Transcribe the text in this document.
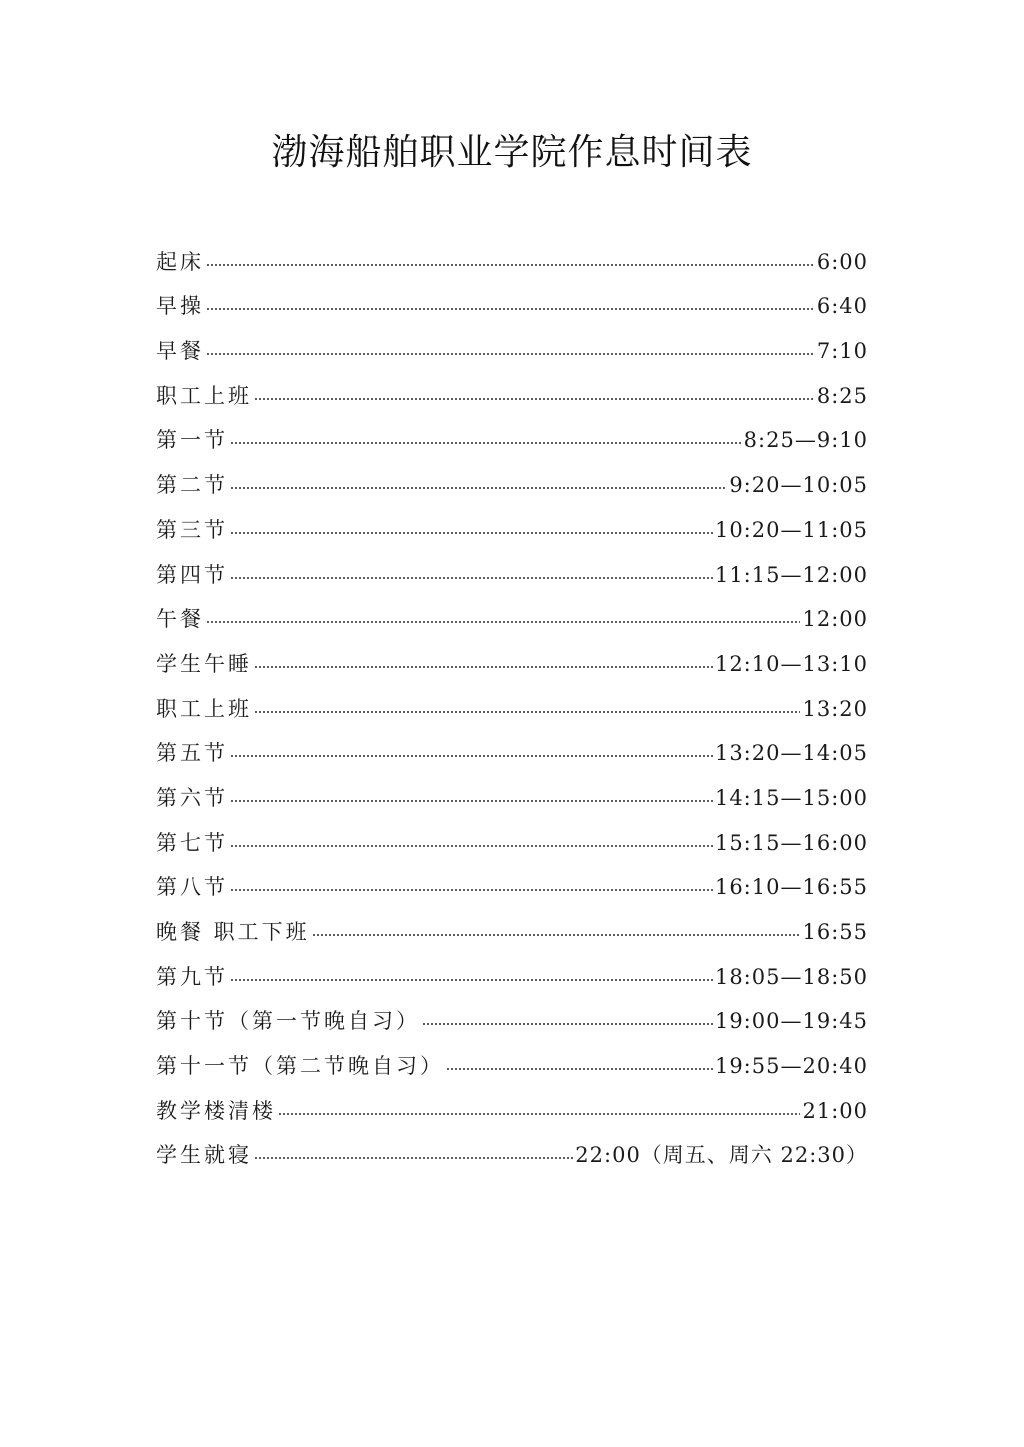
渤海船舶职业学院作息时间表
起床	6:00
早操	6:40
早餐	7:10
职工上班	8:25
第一节	8:25—9:10
第二节	9:20—10:05
第三节	10:20—11:05
第四节	11:15—12:00
午餐	12:00
学生午睡	12:10—13:10
职工上班	13:20
第五节	13:20—14:05
第六节	14:15—15:00
第七节	15:15—16:00
第八节	16:10—16:55
晚餐 职工下班	16:55
第九节	18:05—18:50
第十节（第一节晚自习）	19:00—19:45
第十一节（第二节晚自习）	19:55—20:40
教学楼清楼	21:00
学生就寝	22:00（周五、周六 22:30）
